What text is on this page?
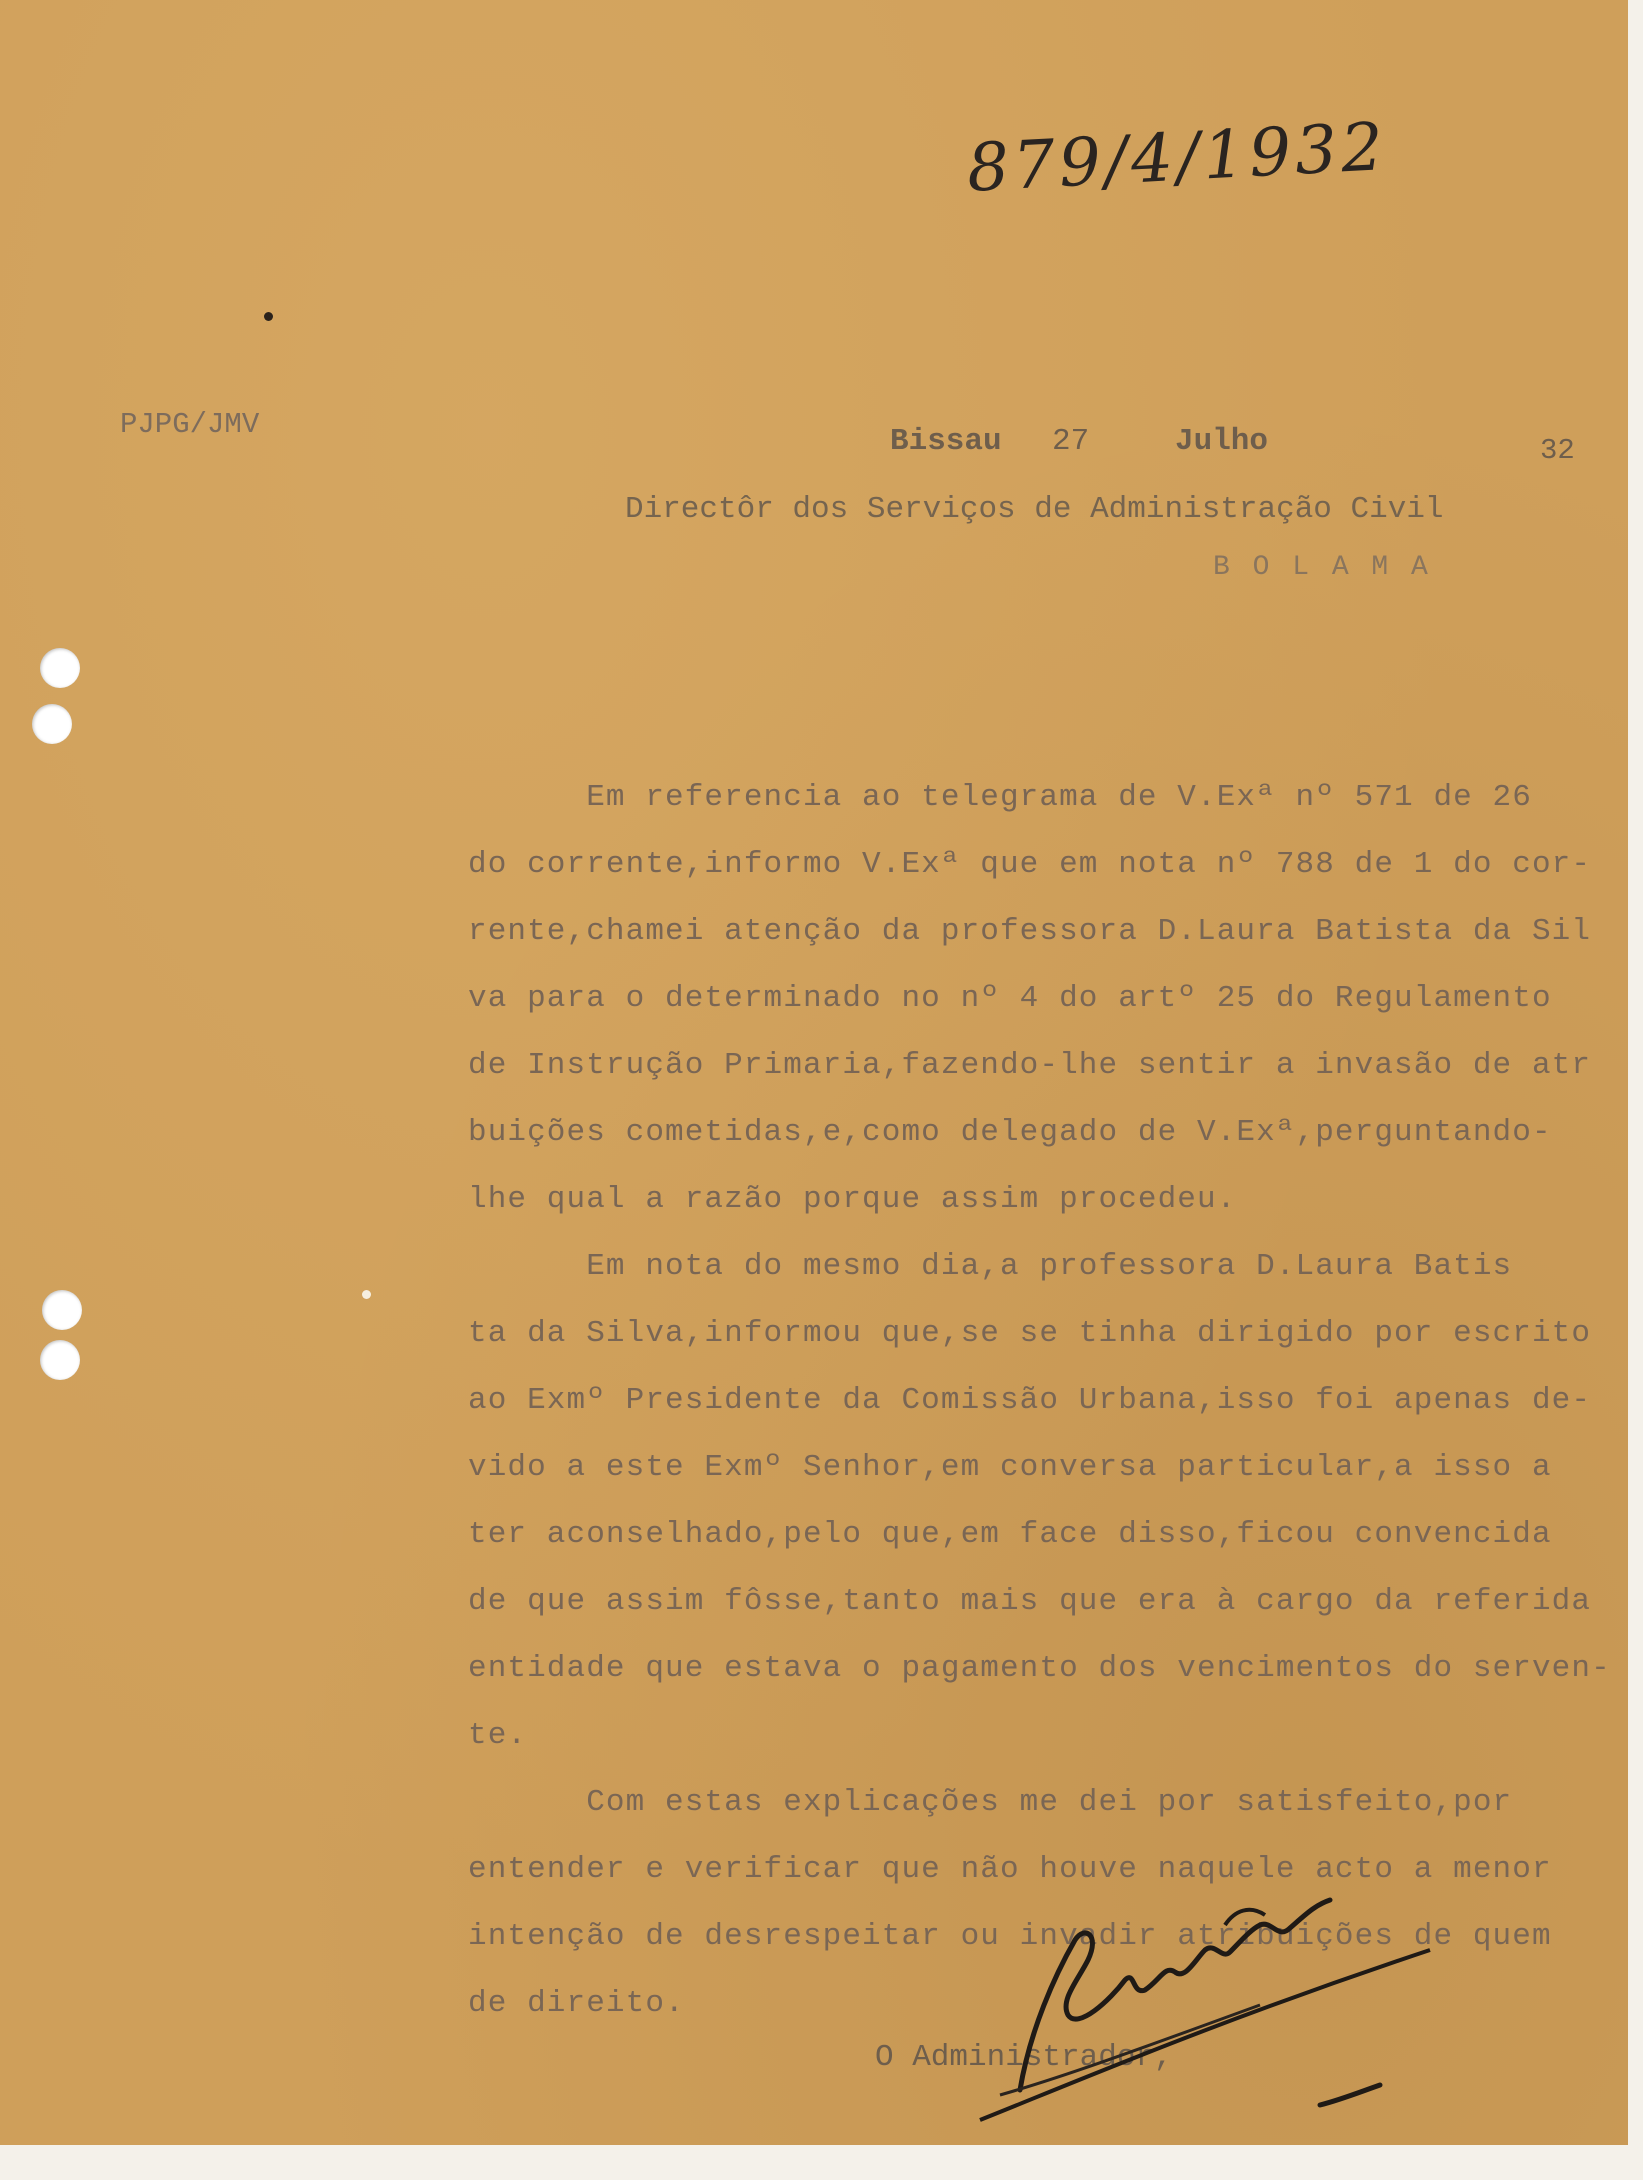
879/4/1932
PJPG/JMV	Bissau 27	Julho	32
Directôr dos Serviços de Administração Civil
B O L A M A
Em referencia ao telegrama de V.Exª nº 571 de 26
do corrente,informo V.Exª que em nota nº 788 de 1 do cor-
rente,chamei atenção da professora D.Laura Batista da Sil
va para o determinado no nº 4 do artº 25 do Regulamento
de Instrução Primaria,fazendo-lhe sentir a invasão de atr
buições cometidas,e,como delegado de V.Exª,perguntando-
lhe qual a razão porque assim procedeu.
Em nota do mesmo dia,a professora D.Laura Batis
ta da Silva,informou que,se se tinha dirigido por escrito
ao Exmº Presidente da Comissão Urbana,isso foi apenas de-
vido a este Exmº Senhor,em conversa particular,a isso a
ter aconselhado,pelo que,em face disso,ficou convencida
de que assim fôsse,tanto mais que era à cargo da referida
entidade que estava o pagamento dos vencimentos do serven-
te.
Com estas explicações me dei por satisfeito,por
entender e verificar que não houve naquele acto a menor
intenção de desrespeitar ou invadir atribuições de quem
de direito.
O Administrador,
